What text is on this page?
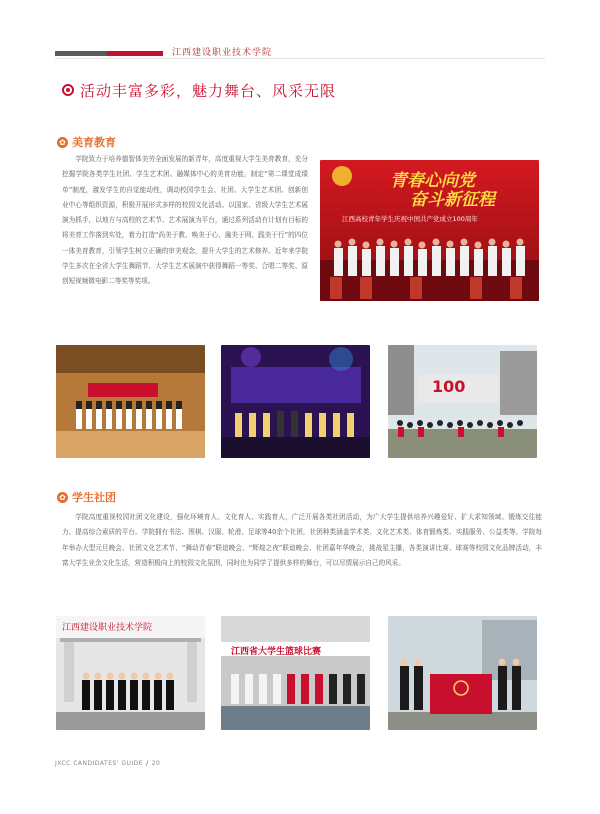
江西建设职业技术学院
活动丰富多彩，魅力舞台、风采无限
✿ 美育教育

学院致力于培养德智体美劳全面发展的新青年，高度重视大学生美育教育，充分挖掘学院各类学生社团、学生艺术团、融媒体中心的美育功能，制定“第二课堂成绩单”制度，激发学生的自觉能动性，调动校园学生会、社团、大学生艺术团、创新创业中心等组织资源，积极开展形式多样的校园文化活动。以国家、省级大学生艺术展演为抓手，以地方与高校的艺术节、艺术展演为平台，通过系列活动有计划有目标的将美育工作落到实处，着力打造“尚美于教、唤美于心、融美于网、践美于行”的四位一体美育教育，引领学生树立正确的审美观念，提升大学生的艺术修养。近年来学院学生多次在全省大学生舞蹈节、大学生艺术展演中获得舞蹈一等奖、合唱二等奖、原创短视频微电影二等奖等奖项。

青春心向党
奋斗新征程
江西高校青年学生庆祝中国共产党成立100周年
100
✿ 学生社团

学院高度重视校园社团文化建设，强化环境育人、文化育人、实践育人，广泛开展各类社团活动，为广大学生提供培养兴趣爱好、扩大求知领域、锻炼交往能力、提高综合素质的平台。学院拥有书法、围棋、汉服、轮滑、足球等40余个社团，社团种类涵盖学术类、文化艺术类、体育锻炼类、实践服务、公益类等。学院每年举办大型元旦晚会、社团文化艺术节、“舞动青春”联谊晚会、“辉煌之夜”联谊晚会、社团嘉年华晚会，挑战星主播，各类演讲比赛、球赛等校园文化品牌活动，丰富大学生业余文化生活，营造积极向上的校园文化氛围，同时也为同学了提供多样的舞台，可以尽情展示自己的风采。

江西建设职业技术学院
江西省大学生篮球比赛
JXCC CANDIDATES' GUIDE / 20
